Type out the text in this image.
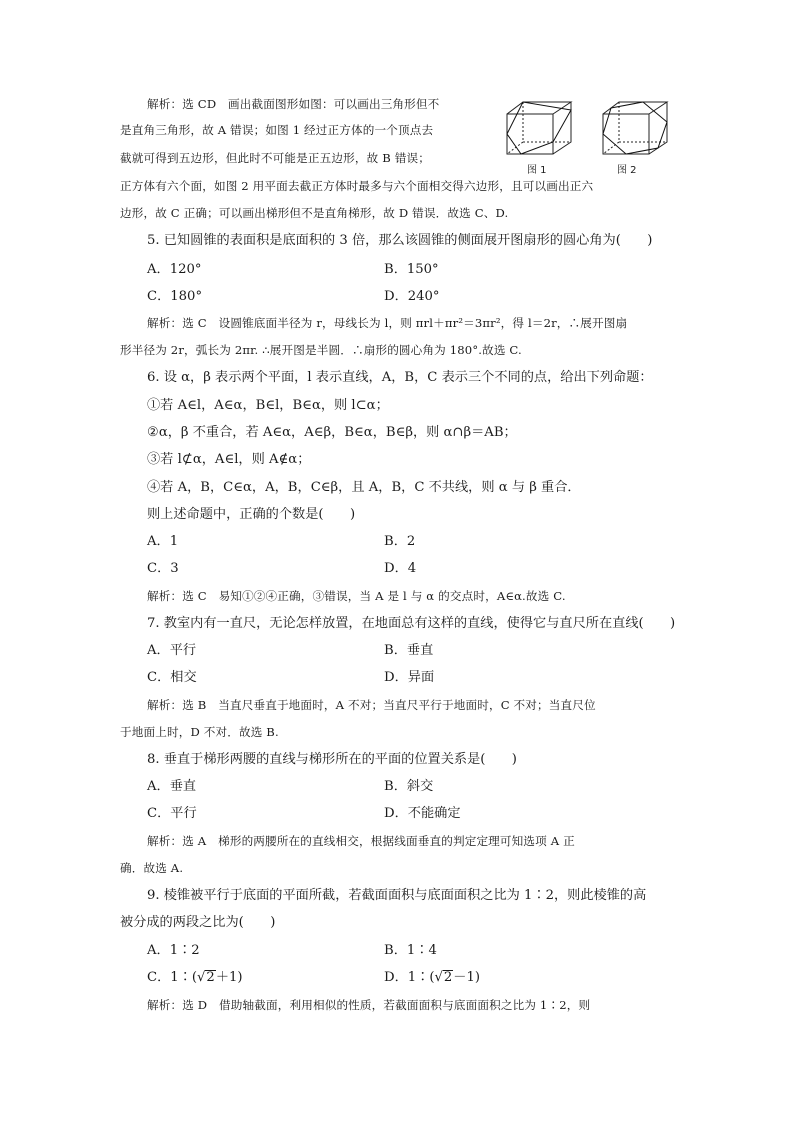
解析：选 CD　画出截面图形如图：可以画出三角形但不
是直角三角形，故 A 错误；如图 1 经过正方体的一个顶点去
截就可得到五边形，但此时不可能是正五边形，故 B 错误；
正方体有六个面，如图 2 用平面去截正方体时最多与六个面相交得六边形，且可以画出正六
边形，故 C 正确；可以画出梯形但不是直角梯形，故 D 错误．故选 C、D.
图 1	图 2
5. 已知圆锥的表面积是底面积的 3 倍，那么该圆锥的侧面展开图扇形的圆心角为(　　)
A．120°	B．150°
C．180°	D．240°
解析：选 C　设圆锥底面半径为 r，母线长为 l，则 πrl＋πr²＝3πr²，得 l＝2r，∴展开图扇
形半径为 2r，弧长为 2πr. ∴展开图是半圆．∴扇形的圆心角为 180°.故选 C.
6. 设 α，β 表示两个平面，l 表示直线，A，B，C 表示三个不同的点，给出下列命题：
①若 A∈l，A∈α，B∈l，B∈α，则 l⊂α；
②α，β 不重合，若 A∈α，A∈β，B∈α，B∈β，则 α∩β＝AB；
③若 l⊄α，A∈l，则 A∉α；
④若 A，B，C∈α，A，B，C∈β，且 A，B，C 不共线，则 α 与 β 重合．
则上述命题中，正确的个数是(　　)
A．1	B．2
C．3	D．4
解析：选 C　易知①②④正确，③错误，当 A 是 l 与 α 的交点时，A∈α.故选 C.
7. 教室内有一直尺，无论怎样放置，在地面总有这样的直线，使得它与直尺所在直线(　　)
A．平行	B．垂直
C．相交	D．异面
解析：选 B　当直尺垂直于地面时，A 不对；当直尺平行于地面时，C 不对；当直尺位
于地面上时，D 不对．故选 B.
8. 垂直于梯形两腰的直线与梯形所在的平面的位置关系是(　　)
A．垂直	B．斜交
C．平行	D．不能确定
解析：选 A　梯形的两腰所在的直线相交，根据线面垂直的判定定理可知选项 A 正
确．故选 A.
9. 棱锥被平行于底面的平面所截，若截面面积与底面面积之比为 1∶2，则此棱锥的高
被分成的两段之比为(　　)
A．1∶2	B．1∶4
C．1∶(√2＋1)	D．1∶(√2－1)
解析：选 D　借助轴截面，利用相似的性质，若截面面积与底面面积之比为 1∶2，则
